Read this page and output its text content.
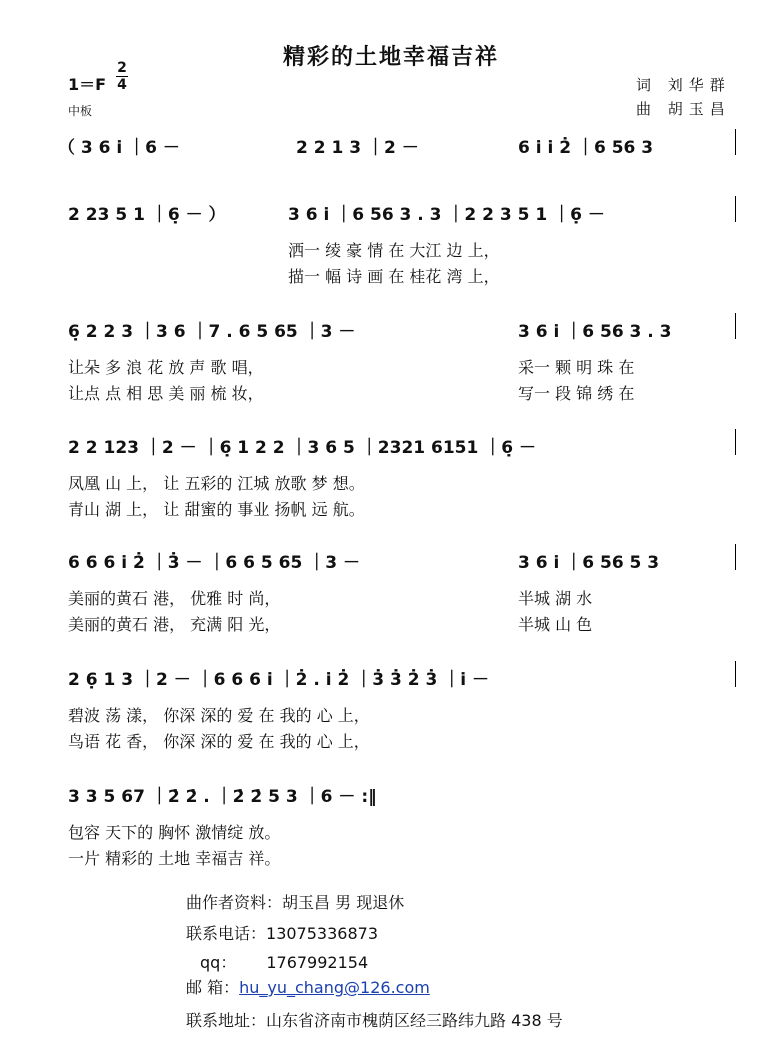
精彩的土地幸福吉祥
1＝F
2
4
中板
词 刘华群
曲 胡玉昌
（ 3 6 i̇ ｜6 －	2 2 1 3 ｜2 －	6 i̇ i̇ 2̇ ｜6 56 3
2 23 5 1 ｜6̣ － ）	3 6 i̇ ｜6 56 3 . 3 ｜2 2 3 5 1 ｜6̣ －
洒一 绫 豪 情 在 大江 边 上，
描一 幅 诗 画 在 桂花 湾 上，
6̣ 2 2 3 ｜3 6 ｜7 . 6 5 65 ｜3 －	3 6 i̇ ｜6 56 3 . 3
让朵 多 浪 花 放 声 歌 唱，	采一 颗 明 珠 在
让点 点 相 思 美 丽 梳 妆，	写一 段 锦 绣 在
2 2 123 ｜2 － ｜6̣ 1 2 2 ｜3 6 5 ｜2321 6151 ｜6̣ －
凤凰 山 上， 让 五彩的 江城 放歌 梦 想。
青山 湖 上， 让 甜蜜的 事业 扬帆 远 航。
6 6 6 i̇ 2̇ ｜3̇ － ｜6 6 5 65 ｜3 －	3 6 i̇ ｜6 56 5 3
美丽的黄石 港， 优雅 时 尚，	半城 湖 水
美丽的黄石 港， 充满 阳 光，	半城 山 色
2 6̣ 1 3 ｜2 － ｜6 6 6 i̇ ｜2̇ . i̇ 2̇ ｜3̇ 3̇ 2̇ 3̇ ｜i̇ －
碧波 荡 漾， 你深 深的 爱 在 我的 心 上，
鸟语 花 香， 你深 深的 爱 在 我的 心 上，
3 3 5 67 ｜2̇ 2̇ . ｜2̇ 2̇ 5 3 ｜6 － :‖
包容 天下的 胸怀 激情绽 放。
一片 精彩的 土地 幸福吉 祥。
曲作者资料：胡玉昌 男 现退休
联系电话：13075336873
qq： 1767992154
邮 箱：hu_yu_chang@126.com
联系地址：山东省济南市槐荫区经三路纬九路 438 号
